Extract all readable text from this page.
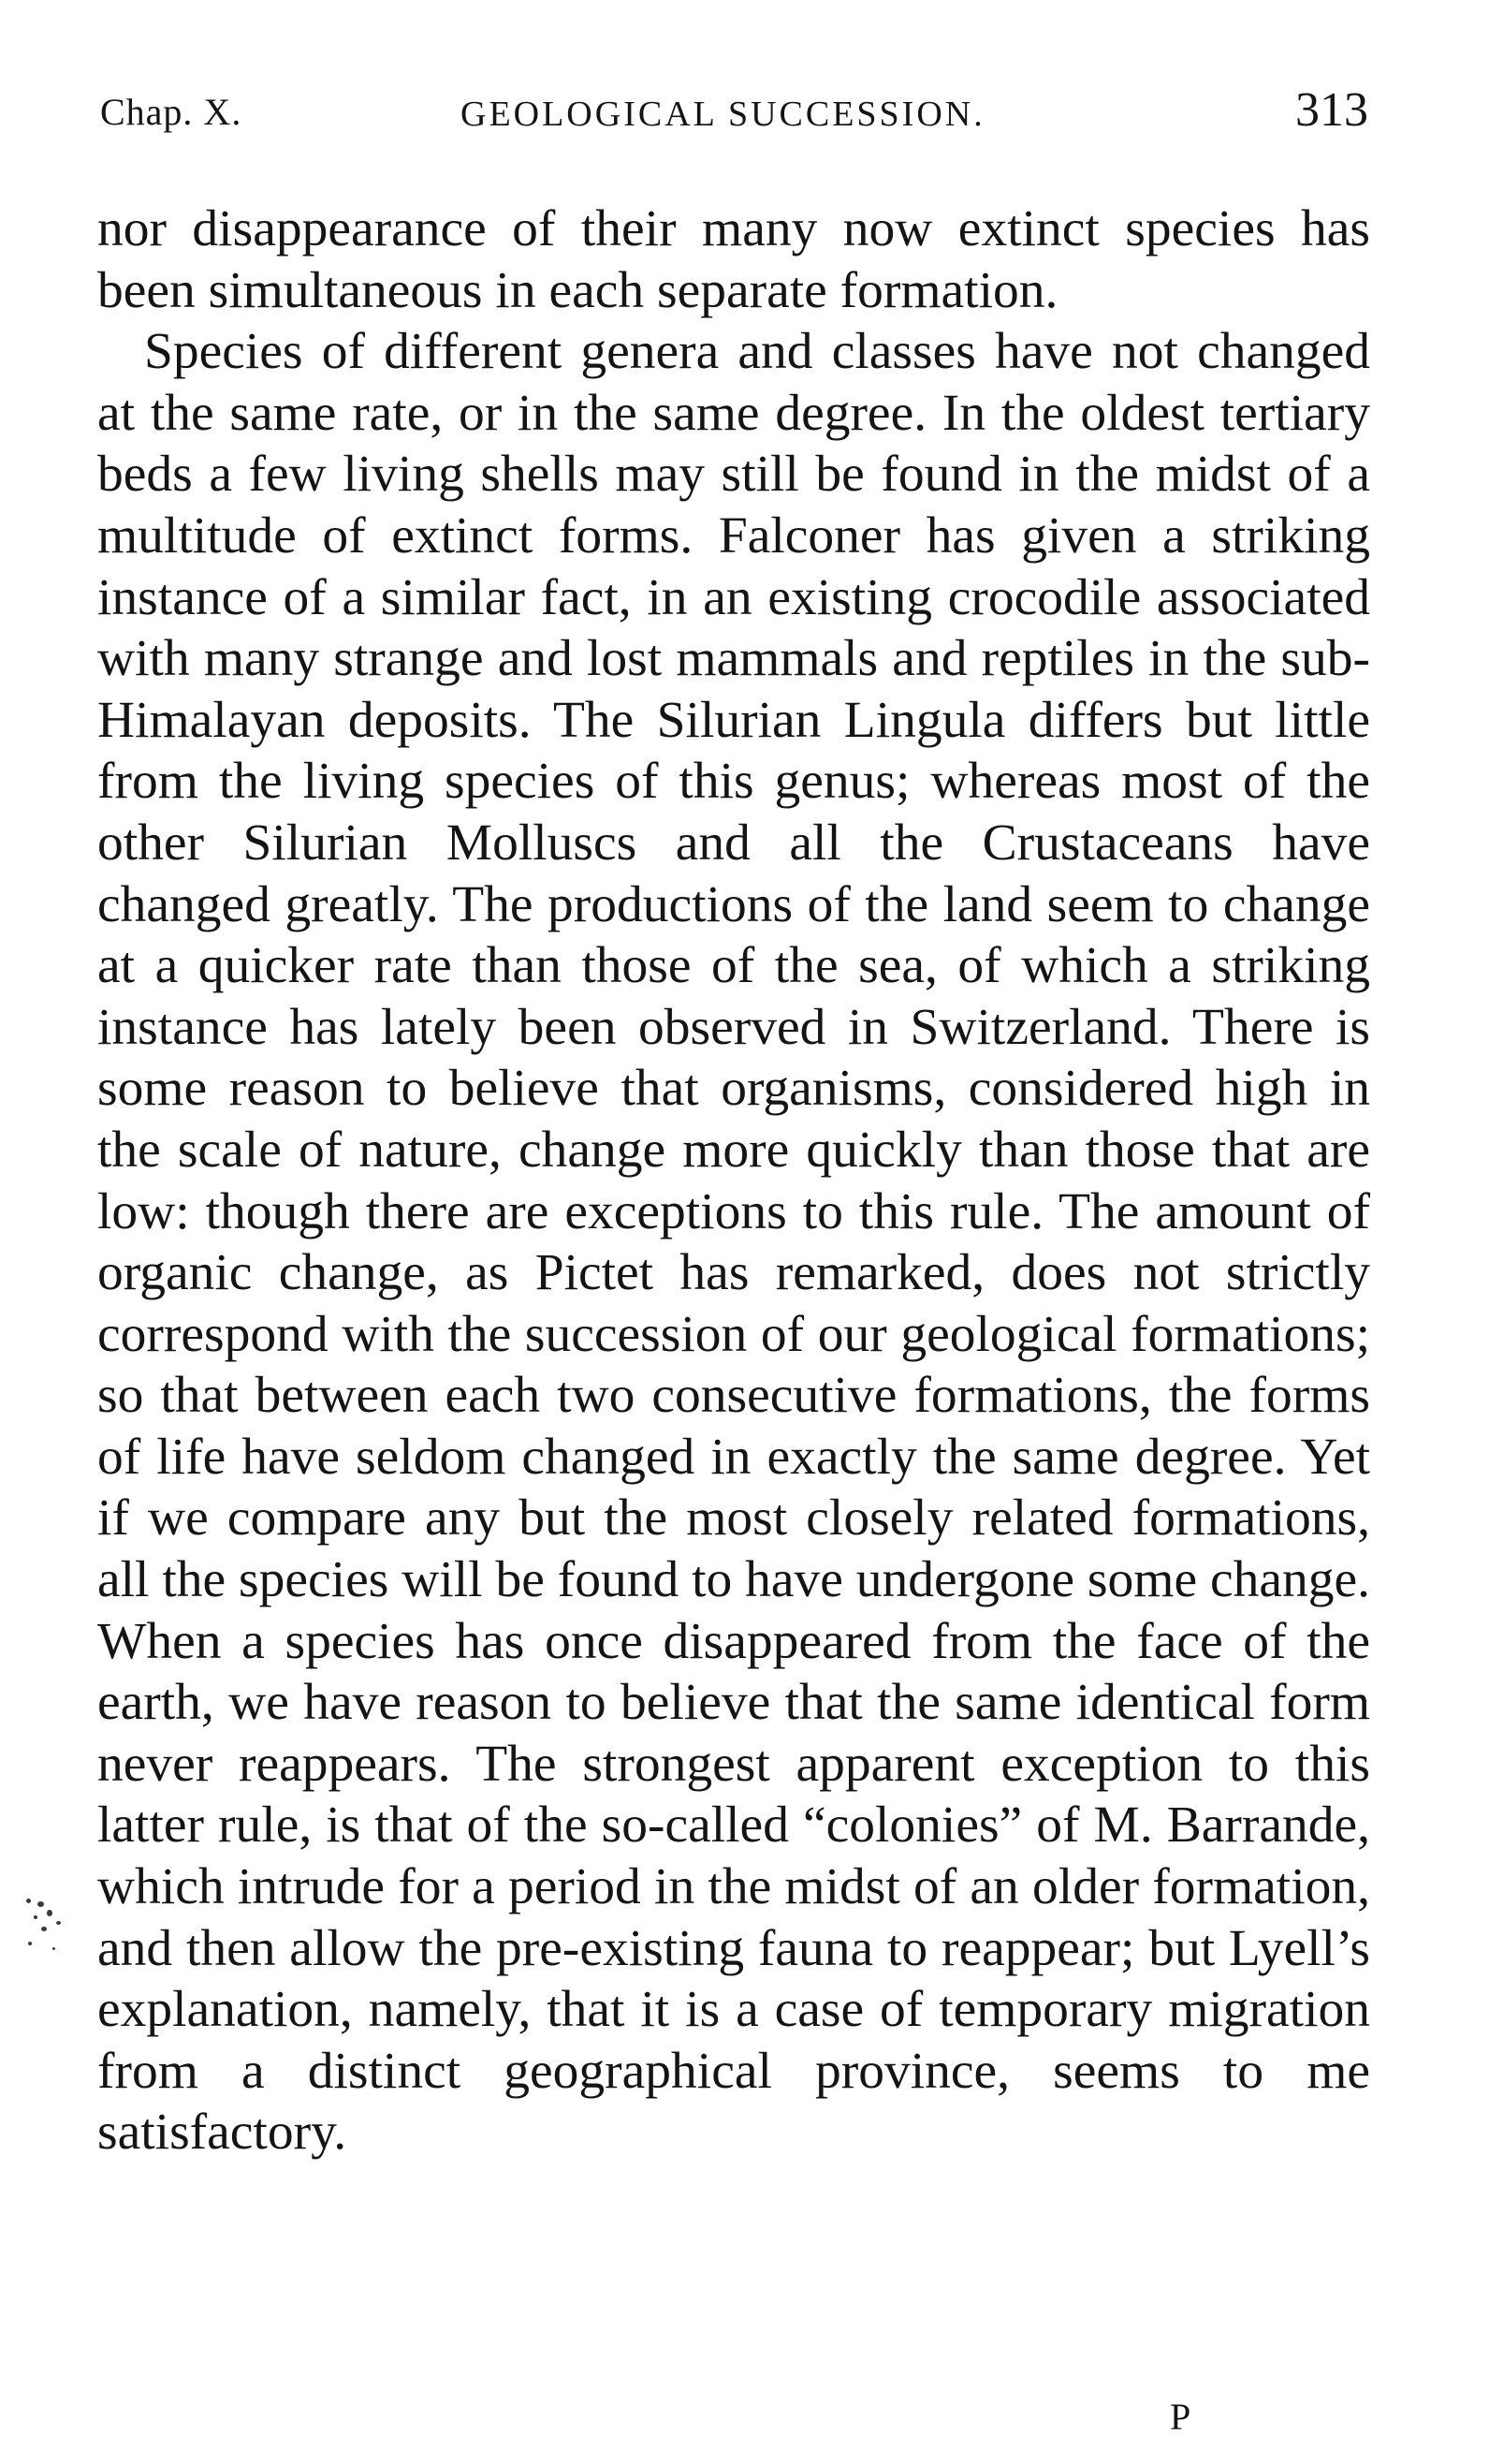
Chap. X.	GEOLOGICAL SUCCESSION.	313

nor disappearance of their many now extinct species has been simultaneous in each separate formation.

Species of different genera and classes have not changed at the same rate, or in the same degree. In the oldest tertiary beds a few living shells may still be found in the midst of a multitude of extinct forms. Falconer has given a striking instance of a similar fact, in an existing crocodile associated with many strange and lost mammals and reptiles in the sub-Himalayan deposits. The Silurian Lingula differs but little from the living species of this genus; whereas most of the other Silurian Molluscs and all the Crustaceans have changed greatly. The productions of the land seem to change at a quicker rate than those of the sea, of which a striking instance has lately been observed in Switzerland. There is some reason to believe that organisms, considered high in the scale of nature, change more quickly than those that are low: though there are exceptions to this rule. The amount of organic change, as Pictet has remarked, does not strictly correspond with the succession of our geological formations; so that between each two consecutive formations, the forms of life have seldom changed in exactly the same degree. Yet if we compare any but the most closely related formations, all the species will be found to have undergone some change. When a species has once disappeared from the face of the earth, we have reason to believe that the same identical form never reappears. The strongest apparent exception to this latter rule, is that of the so-called “colonies” of M. Barrande, which intrude for a period in the midst of an older formation, and then allow the pre-existing fauna to reappear; but Lyell’s explanation, namely, that it is a case of temporary migration from a distinct geographical province, seems to me satisfactory.

P
